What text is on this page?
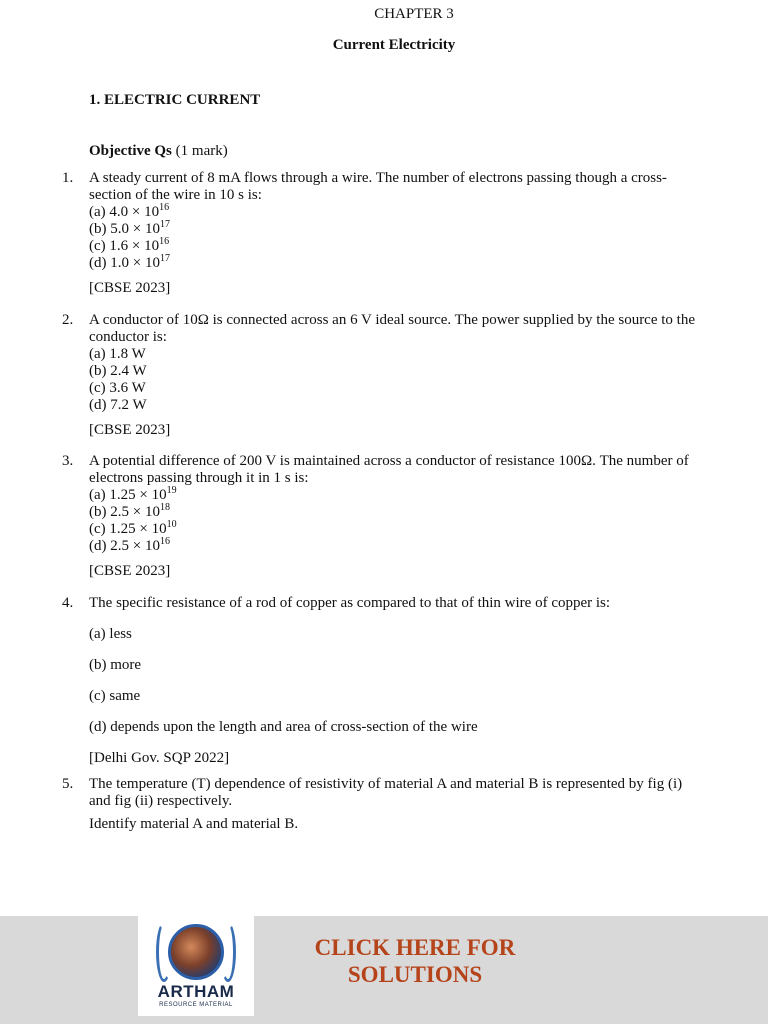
CHAPTER 3
Current Electricity
1. ELECTRIC CURRENT
Objective Qs (1 mark)
1. A steady current of 8 mA flows through a wire. The number of electrons passing though a cross-section of the wire in 10 s is:
(a) $4.0 \times 10^{16}$
(b) $5.0 \times 10^{17}$
(c) $1.6 \times 10^{16}$
(d) $1.0 \times 10^{17}$
[CBSE 2023]
2. A conductor of 10Ω is connected across an 6 V ideal source. The power supplied by the source to the conductor is:
(a) 1.8 W
(b) 2.4 W
(c) 3.6 W
(d) 7.2 W
[CBSE 2023]
3. A potential difference of 200 V is maintained across a conductor of resistance 100Ω. The number of electrons passing through it in 1 s is:
(a) $1.25 \times 10^{19}$
(b) $2.5 \times 10^{18}$
(c) $1.25 \times 10^{10}$
(d) $2.5 \times 10^{16}$
[CBSE 2023]
4. The specific resistance of a rod of copper as compared to that of thin wire of copper is:
(a) less
(b) more
(c) same
(d) depends upon the length and area of cross-section of the wire
[Delhi Gov. SQP 2022]
5. The temperature (T) dependence of resistivity of material A and material B is represented by fig (i) and fig (ii) respectively.
Identify material A and material B.
ARTHAM
RESOURCE MATERIAL
CLICK HERE FOR SOLUTIONS
